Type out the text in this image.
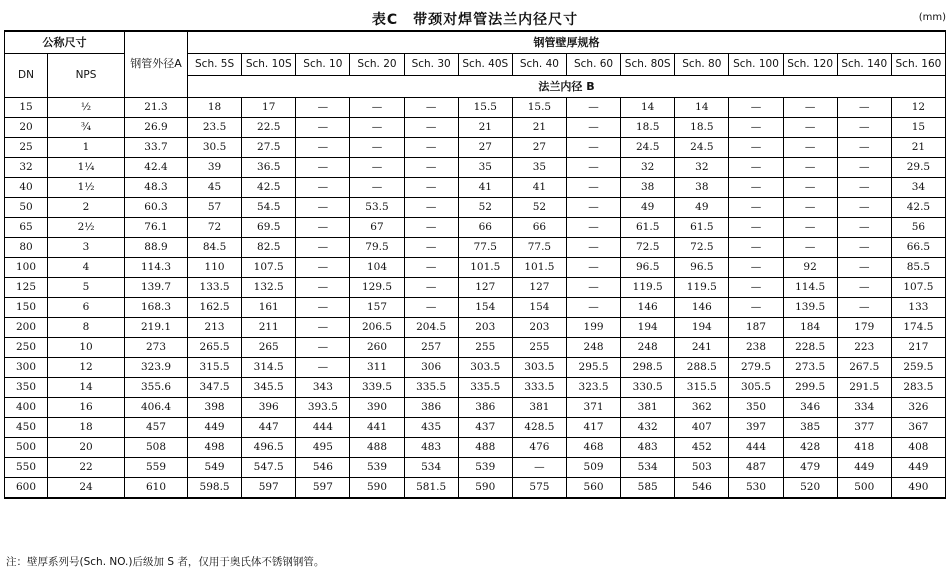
表C　带颈对焊管法兰内径尺寸	(mm)
公称尺寸		钢管外径A	钢管壁厚规格													
DN	NPS		Sch. 5S	Sch. 10S	Sch. 10	Sch. 20	Sch. 30	Sch. 40S	Sch. 40	Sch. 60	Sch. 80S	Sch. 80	Sch. 100	Sch. 120	Sch. 140	Sch. 160
			法兰内径 B													
15	½	21.3	18	17	—	—	—	15.5	15.5	—	14	14	—	—	—	12
20	¾	26.9	23.5	22.5	—	—	—	21	21	—	18.5	18.5	—	—	—	15
25	1	33.7	30.5	27.5	—	—	—	27	27	—	24.5	24.5	—	—	—	21
32	1¼	42.4	39	36.5	—	—	—	35	35	—	32	32	—	—	—	29.5
40	1½	48.3	45	42.5	—	—	—	41	41	—	38	38	—	—	—	34
50	2	60.3	57	54.5	—	53.5	—	52	52	—	49	49	—	—	—	42.5
65	2½	76.1	72	69.5	—	67	—	66	66	—	61.5	61.5	—	—	—	56
80	3	88.9	84.5	82.5	—	79.5	—	77.5	77.5	—	72.5	72.5	—	—	—	66.5
100	4	114.3	110	107.5	—	104	—	101.5	101.5	—	96.5	96.5	—	92	—	85.5
125	5	139.7	133.5	132.5	—	129.5	—	127	127	—	119.5	119.5	—	114.5	—	107.5
150	6	168.3	162.5	161	—	157	—	154	154	—	146	146	—	139.5	—	133
200	8	219.1	213	211	—	206.5	204.5	203	203	199	194	194	187	184	179	174.5
250	10	273	265.5	265	—	260	257	255	255	248	248	241	238	228.5	223	217
300	12	323.9	315.5	314.5	—	311	306	303.5	303.5	295.5	298.5	288.5	279.5	273.5	267.5	259.5
350	14	355.6	347.5	345.5	343	339.5	335.5	335.5	333.5	323.5	330.5	315.5	305.5	299.5	291.5	283.5
400	16	406.4	398	396	393.5	390	386	386	381	371	381	362	350	346	334	326
450	18	457	449	447	444	441	435	437	428.5	417	432	407	397	385	377	367
500	20	508	498	496.5	495	488	483	488	476	468	483	452	444	428	418	408
550	22	559	549	547.5	546	539	534	539	—	509	534	503	487	479	449	449
600	24	610	598.5	597	597	590	581.5	590	575	560	585	546	530	520	500	490
注：壁厚系列号(Sch. NO.)后级加 S 者，仅用于奥氏体不锈钢钢管。
